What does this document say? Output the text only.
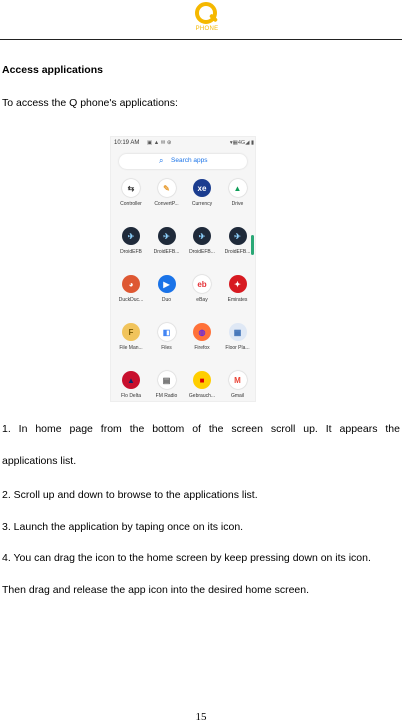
PHONE
Access applications
To access the Q phone's applications:
10:19 AM ▣ ▲ ✉ ⊛	▾▦4G◢ ▮
⌕ Search apps
⇆
Controller
✎
ConvertP...
xe
Currency
▲
Drive
✈
DroidEFB
✈
DroidEFB...
✈
DroidEFB...
✈
DroidEFB...
◕
DuckDuc...
▶
Duo
eb
eBay
✦
Emirates
F
File Man...
◧
Files
◍
Firefox
▦
Floor Pla...
▲
Flo Delta
▤
FM Radio
■
Gebrauch...
M
Gmail
1. In home page from the bottom of the screen scroll up. It appears the
applications list.
2. Scroll up and down to browse to the applications list.
3. Launch the application by taping once on its icon.
4. You can drag the icon to the home screen by keep pressing down on its icon.
Then drag and release the app icon into the desired home screen.
15
